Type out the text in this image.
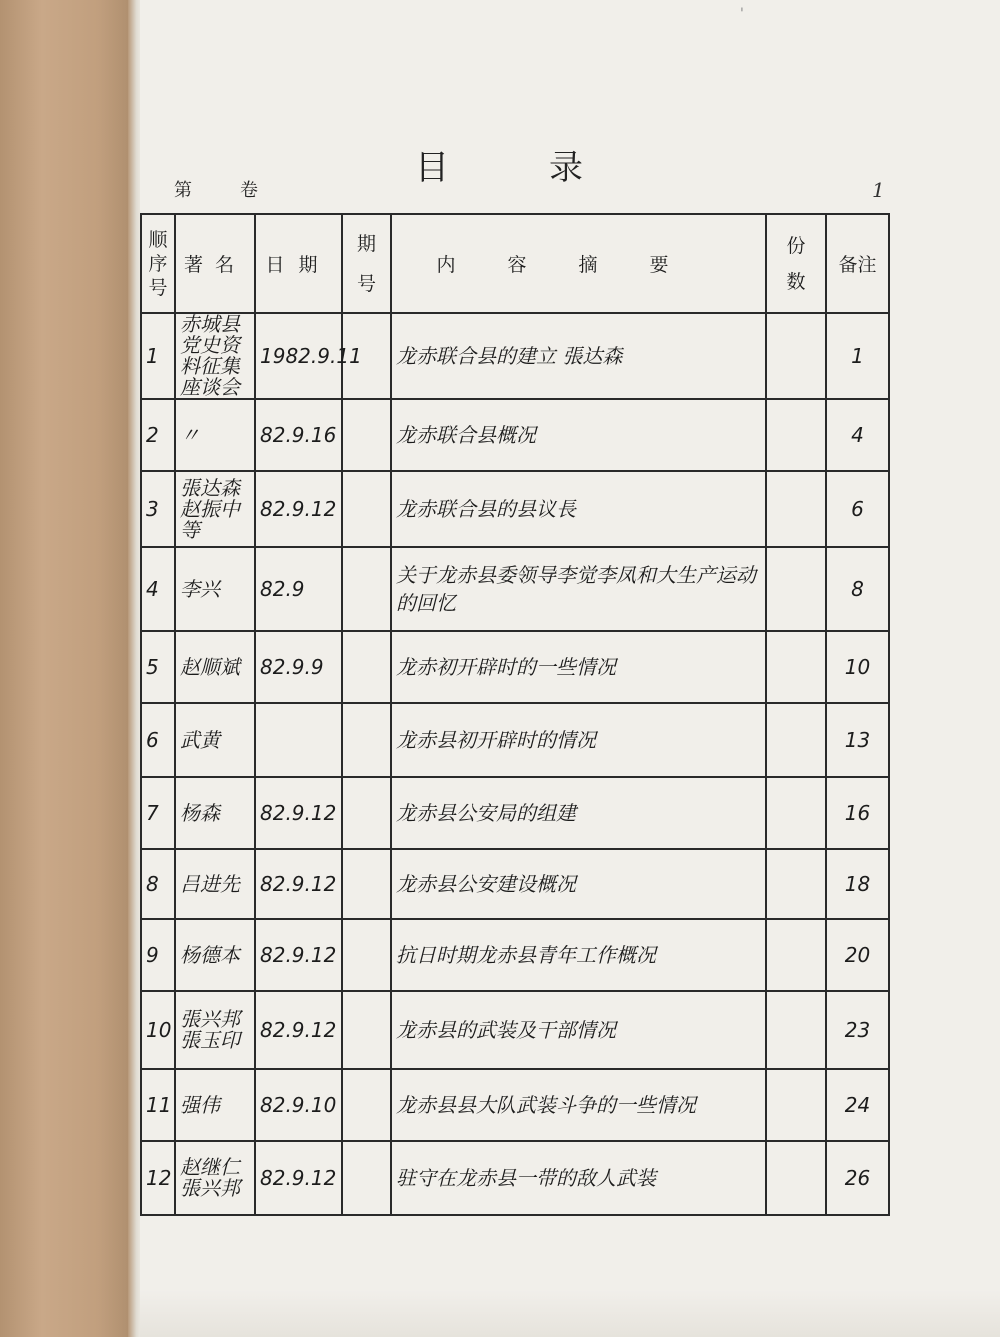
'
目录
第卷	1
顺序号	著名	日期	期号	内容摘要	份数	备注
1	赤城县党史资料征集座谈会	1982.9.11		龙赤联合县的建立 張达森		1
2	〃	82.9.16		龙赤联合县概况		4
3	張达森 赵振中等	82.9.12		龙赤联合县的县议長		6
4	李兴	82.9		关于龙赤县委领导李觉李凤和大生产运动的回忆		8
5	赵顺斌	82.9.9		龙赤初开辟时的一些情况		10
6	武黄			龙赤县初开辟时的情况		13
7	杨森	82.9.12		龙赤县公安局的组建		16
8	吕进先	82.9.12		龙赤县公安建设概况		18
9	杨德本	82.9.12		抗日时期龙赤县青年工作概况		20
10	張兴邦 張玉印	82.9.12		龙赤县的武装及干部情况		23
11	强伟	82.9.10		龙赤县县大队武装斗争的一些情况		24
12	赵继仁 張兴邦	82.9.12		驻守在龙赤县一带的敌人武装		26
